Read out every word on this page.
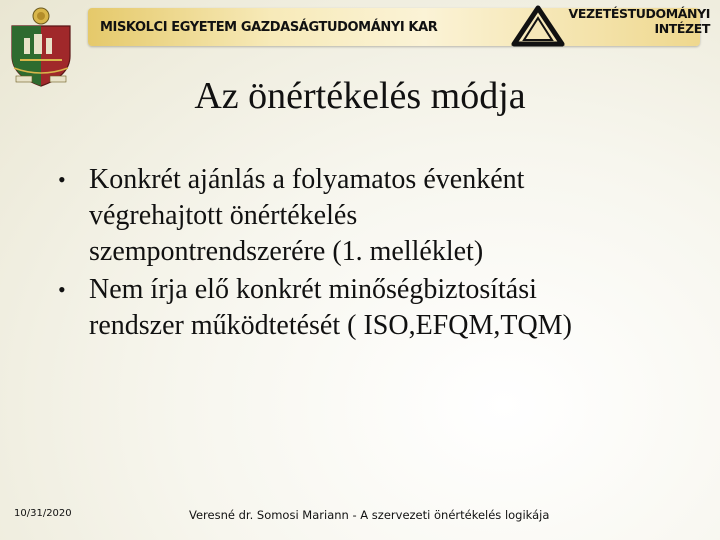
MISKOLCI EGYETEM GAZDASÁGTUDOMÁNYI KAR
VEZETÉSTUDOMÁNYI
INTÉZET
Az önértékelés módja
• Konkrét ajánlás a folyamatos évenként
végrehajtott önértékelés
szempontrendszerére (1. melléklet)
• Nem írja elő konkrét minőségbiztosítási
rendszer működtetését ( ISO,EFQM,TQM)
10/31/2020	Veresné dr. Somosi Mariann - A szervezeti önértékelés logikája
